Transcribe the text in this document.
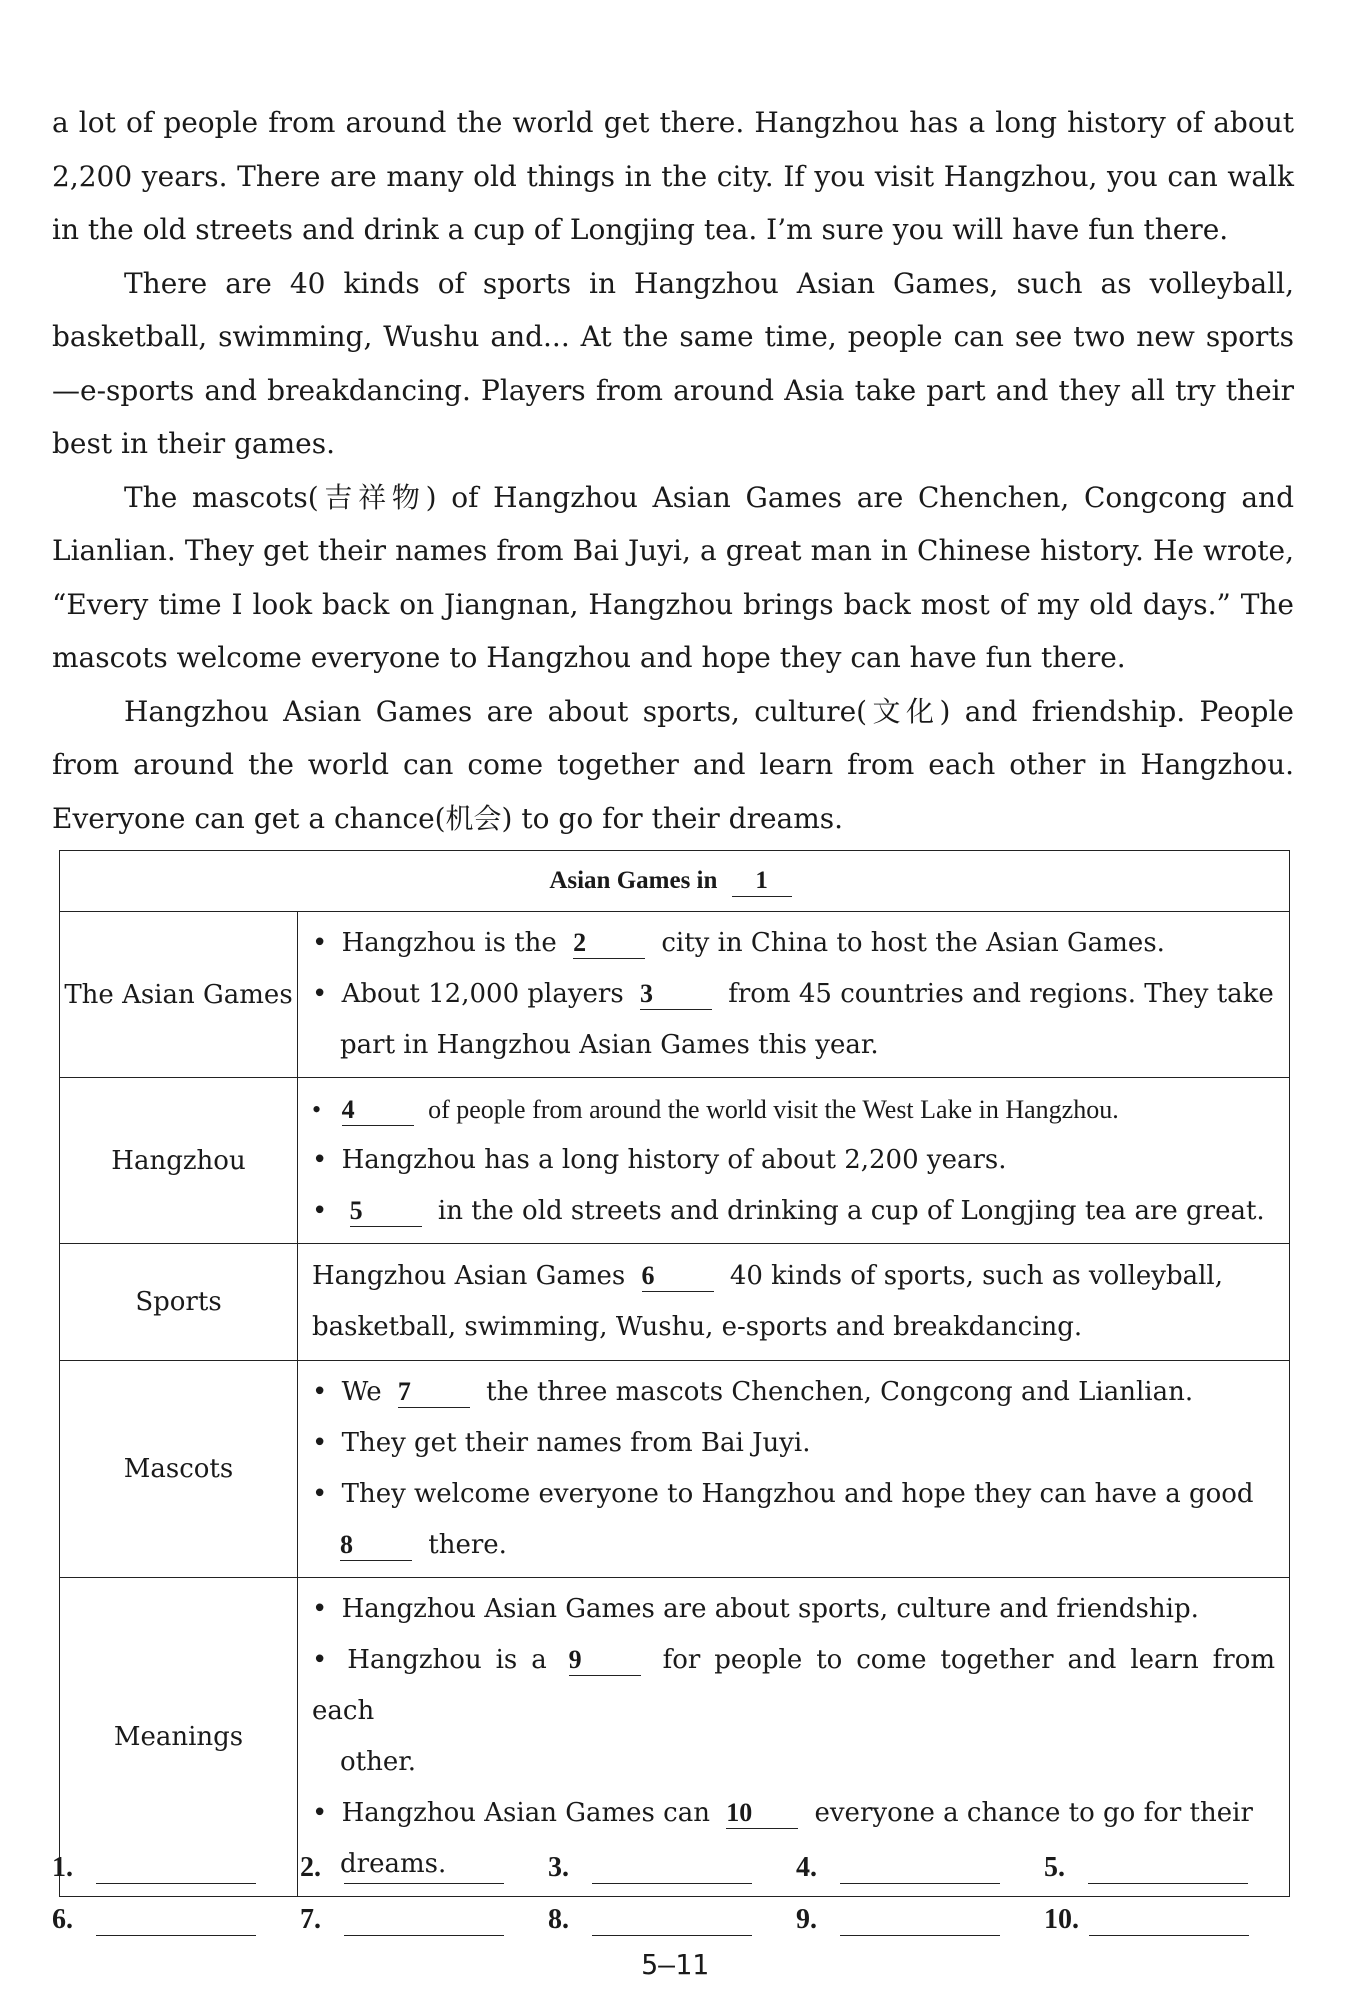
a lot of people from around the world get there. Hangzhou has a long history of about 2,200 years. There are many old things in the city. If you visit Hangzhou, you can walk in the old streets and drink a cup of Longjing tea. I’m sure you will have fun there.

There are 40 kinds of sports in Hangzhou Asian Games, such as volleyball, basketball, swimming, Wushu and... At the same time, people can see two new sports—e-sports and breakdancing. Players from around Asia take part and they all try their best in their games.

The mascots(吉祥物) of Hangzhou Asian Games are Chenchen, Congcong and Lianlian. They get their names from Bai Juyi, a great man in Chinese history. He wrote, “Every time I look back on Jiangnan, Hangzhou brings back most of my old days.” The mascots welcome everyone to Hangzhou and hope they can have fun there.

Hangzhou Asian Games are about sports, culture(文化) and friendship. People from around the world can come together and learn from each other in Hangzhou. Everyone can get a chance(机会) to go for their dreams.

Asian Games in 1	
The Asian Games	• Hangzhou is the 2 city in China to host the Asian Games.
• About 12,000 players 3 from 45 countries and regions. They take
part in Hangzhou Asian Games this year.

Hangzhou	• 4 of people from around the world visit the West Lake in Hangzhou.
• Hangzhou has a long history of about 2,200 years.
• 5 in the old streets and drinking a cup of Longjing tea are great.

Sports	Hangzhou Asian Games 6 40 kinds of sports, such as volleyball,
basketball, swimming, Wushu, e-sports and breakdancing.

Mascots	• We 7 the three mascots Chenchen, Congcong and Lianlian.
• They get their names from Bai Juyi.
• They welcome everyone to Hangzhou and hope they can have a good
8 there.

Meanings	• Hangzhou Asian Games are about sports, culture and friendship.
• Hangzhou is a 9 for people to come together and learn from each
other.
• Hangzhou Asian Games can 10 everyone a chance to go for their
dreams.
1.	2.	3.	4.	5.
6.	7.	8.	9.	10.
5—11
